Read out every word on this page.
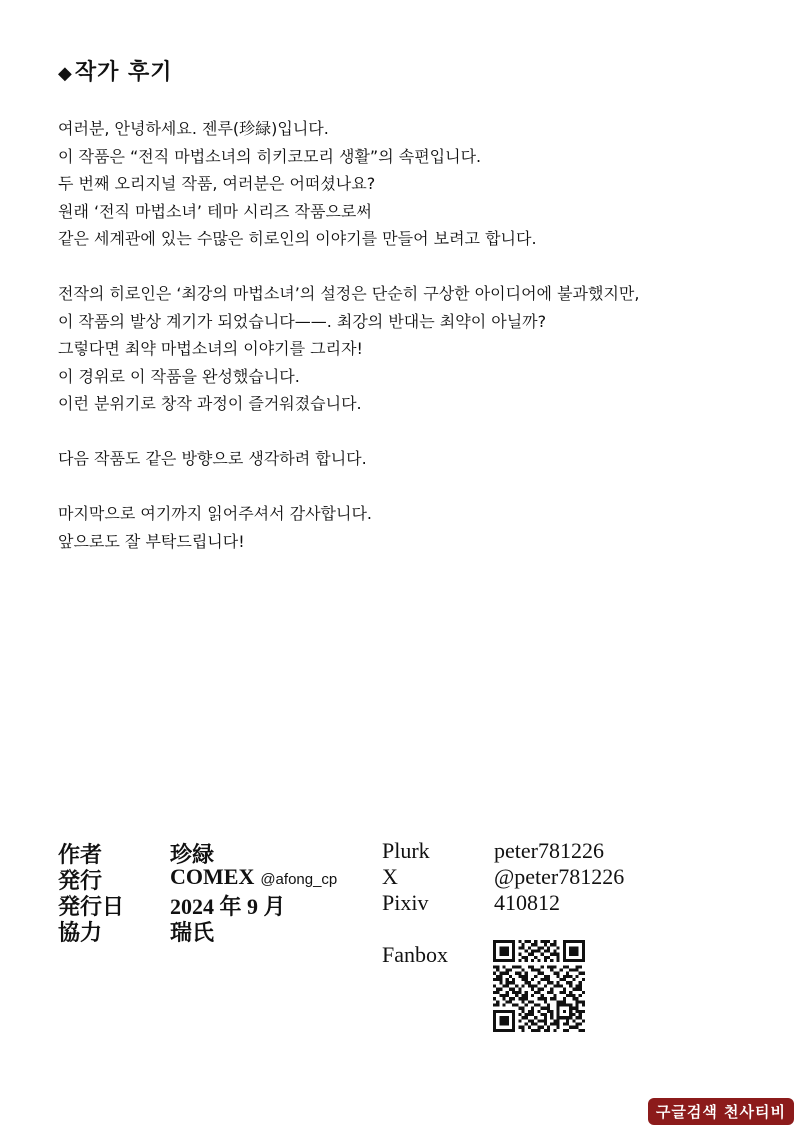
◆작가 후기
여러분, 안녕하세요. 젠루(珍緑)입니다.
이 작품은 “전직 마법소녀의 히키코모리 생활”의 속편입니다.
두 번째 오리지널 작품, 여러분은 어떠셨나요?
원래 ‘전직 마법소녀’ 테마 시리즈 작품으로써
같은 세계관에 있는 수많은 히로인의 이야기를 만들어 보려고 합니다.
전작의 히로인은 ‘최강의 마법소녀’의 설정은 단순히 구상한 아이디어에 불과했지만,
이 작품의 발상 계기가 되었습니다——. 최강의 반대는 최약이 아닐까?
그렇다면 최약 마법소녀의 이야기를 그리자!
이 경위로 이 작품을 완성했습니다.
이런 분위기로 창작 과정이 즐거워졌습니다.
다음 작품도 같은 방향으로 생각하려 합니다.
마지막으로 여기까지 읽어주셔서 감사합니다.
앞으로도 잘 부탁드립니다!
作者	珍緑
発行	COMEX @afong_cp
発行日 2024 年 9 月
協力	瑞氏
Plurk	peter781226
X	@peter781226
Pixiv	410812
Fanbox
구글검색 천사티비
